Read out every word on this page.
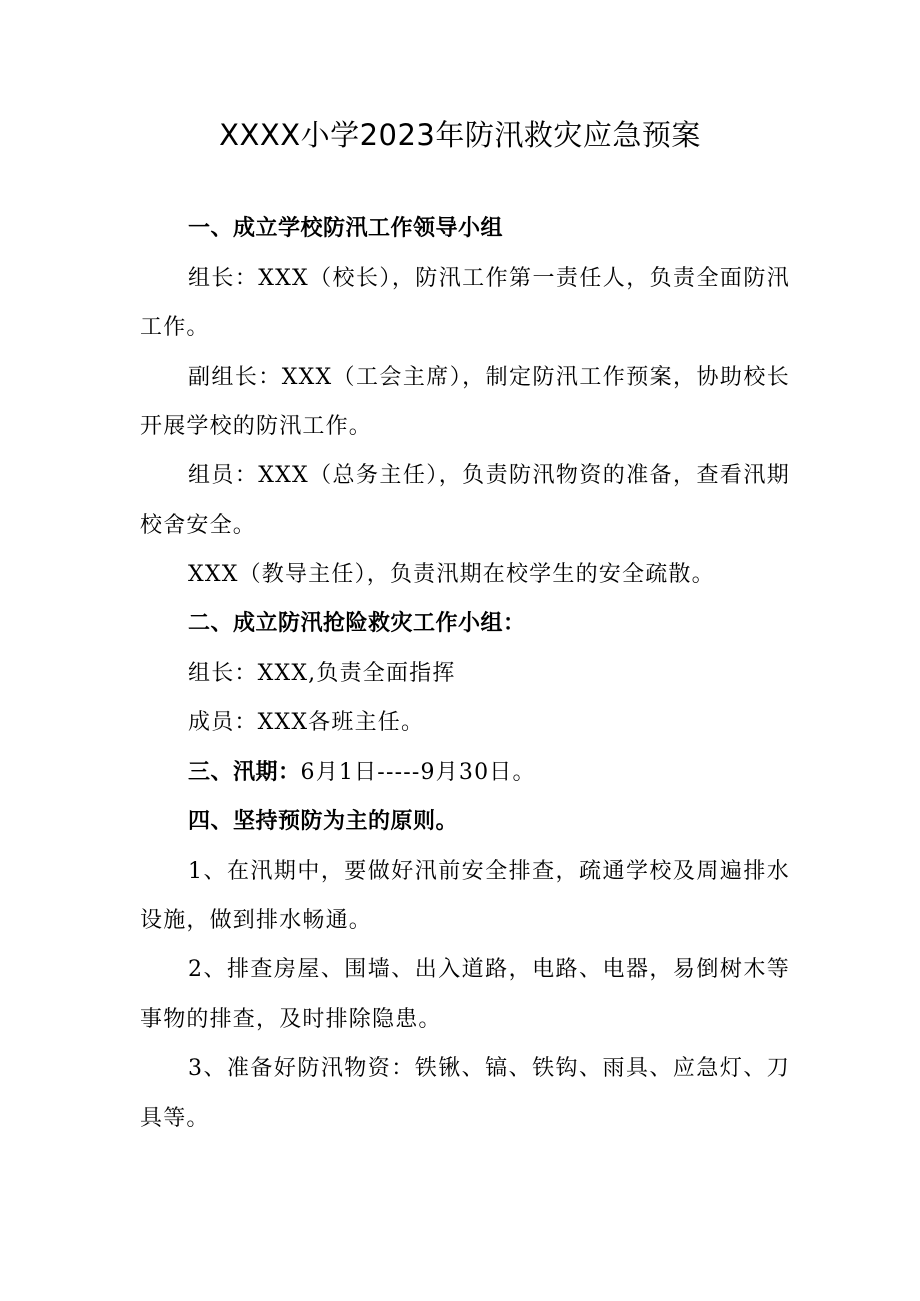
XXXX小学2023年防汛救灾应急预案
一、成立学校防汛工作领导小组
组长：XXX（校长），防汛工作第一责任人，负责全面防汛
工作。
副组长：XXX（工会主席），制定防汛工作预案，协助校长
开展学校的防汛工作。
组员：XXX（总务主任），负责防汛物资的准备，查看汛期
校舍安全。
XXX（教导主任），负责汛期在校学生的安全疏散。
二、成立防汛抢险救灾工作小组：
组长：XXX,负责全面指挥
成员：XXX各班主任。
三、汛期：6月1日-----9月30日。
四、坚持预防为主的原则。
1、在汛期中，要做好汛前安全排查，疏通学校及周遍排水
设施，做到排水畅通。
2、排查房屋、围墙、出入道路，电路、电器，易倒树木等
事物的排查，及时排除隐患。
3、准备好防汛物资：铁锹、镐、铁钩、雨具、应急灯、刀
具等。
